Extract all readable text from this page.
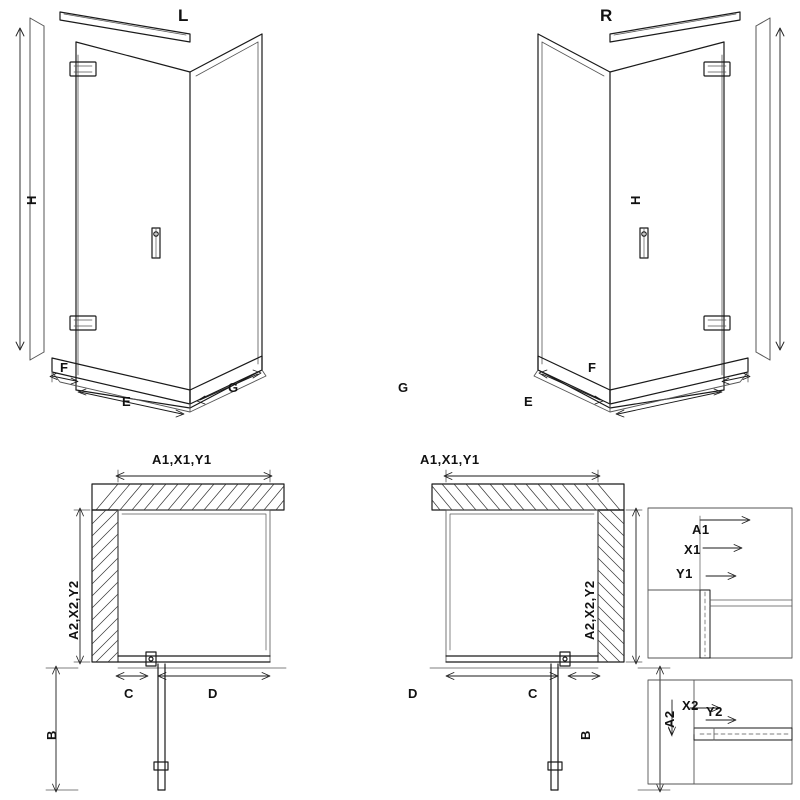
L	R
H	H
F
E
G	G
E
F
A1,X1,Y1
A2,X2,Y2
C	D
B
A1,X1,Y1
A2,X2,Y2
D	C
B
A1
X1
Y1
A2
X2 Y2
